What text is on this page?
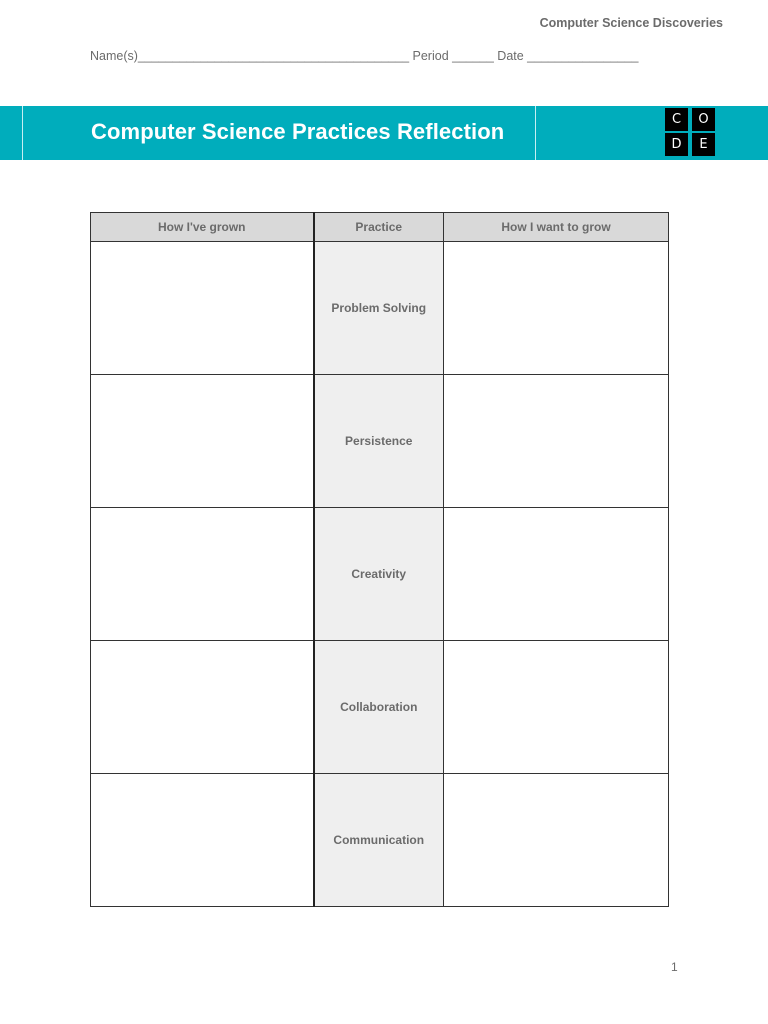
Computer Science Discoveries
Name(s)_______________________________________ Period ______ Date ________________
Computer Science Practices Reflection	C	O
D	E
How I've grown	Practice	How I want to grow
	Problem Solving	
	Persistence	
	Creativity	
	Collaboration	
	Communication	
1
